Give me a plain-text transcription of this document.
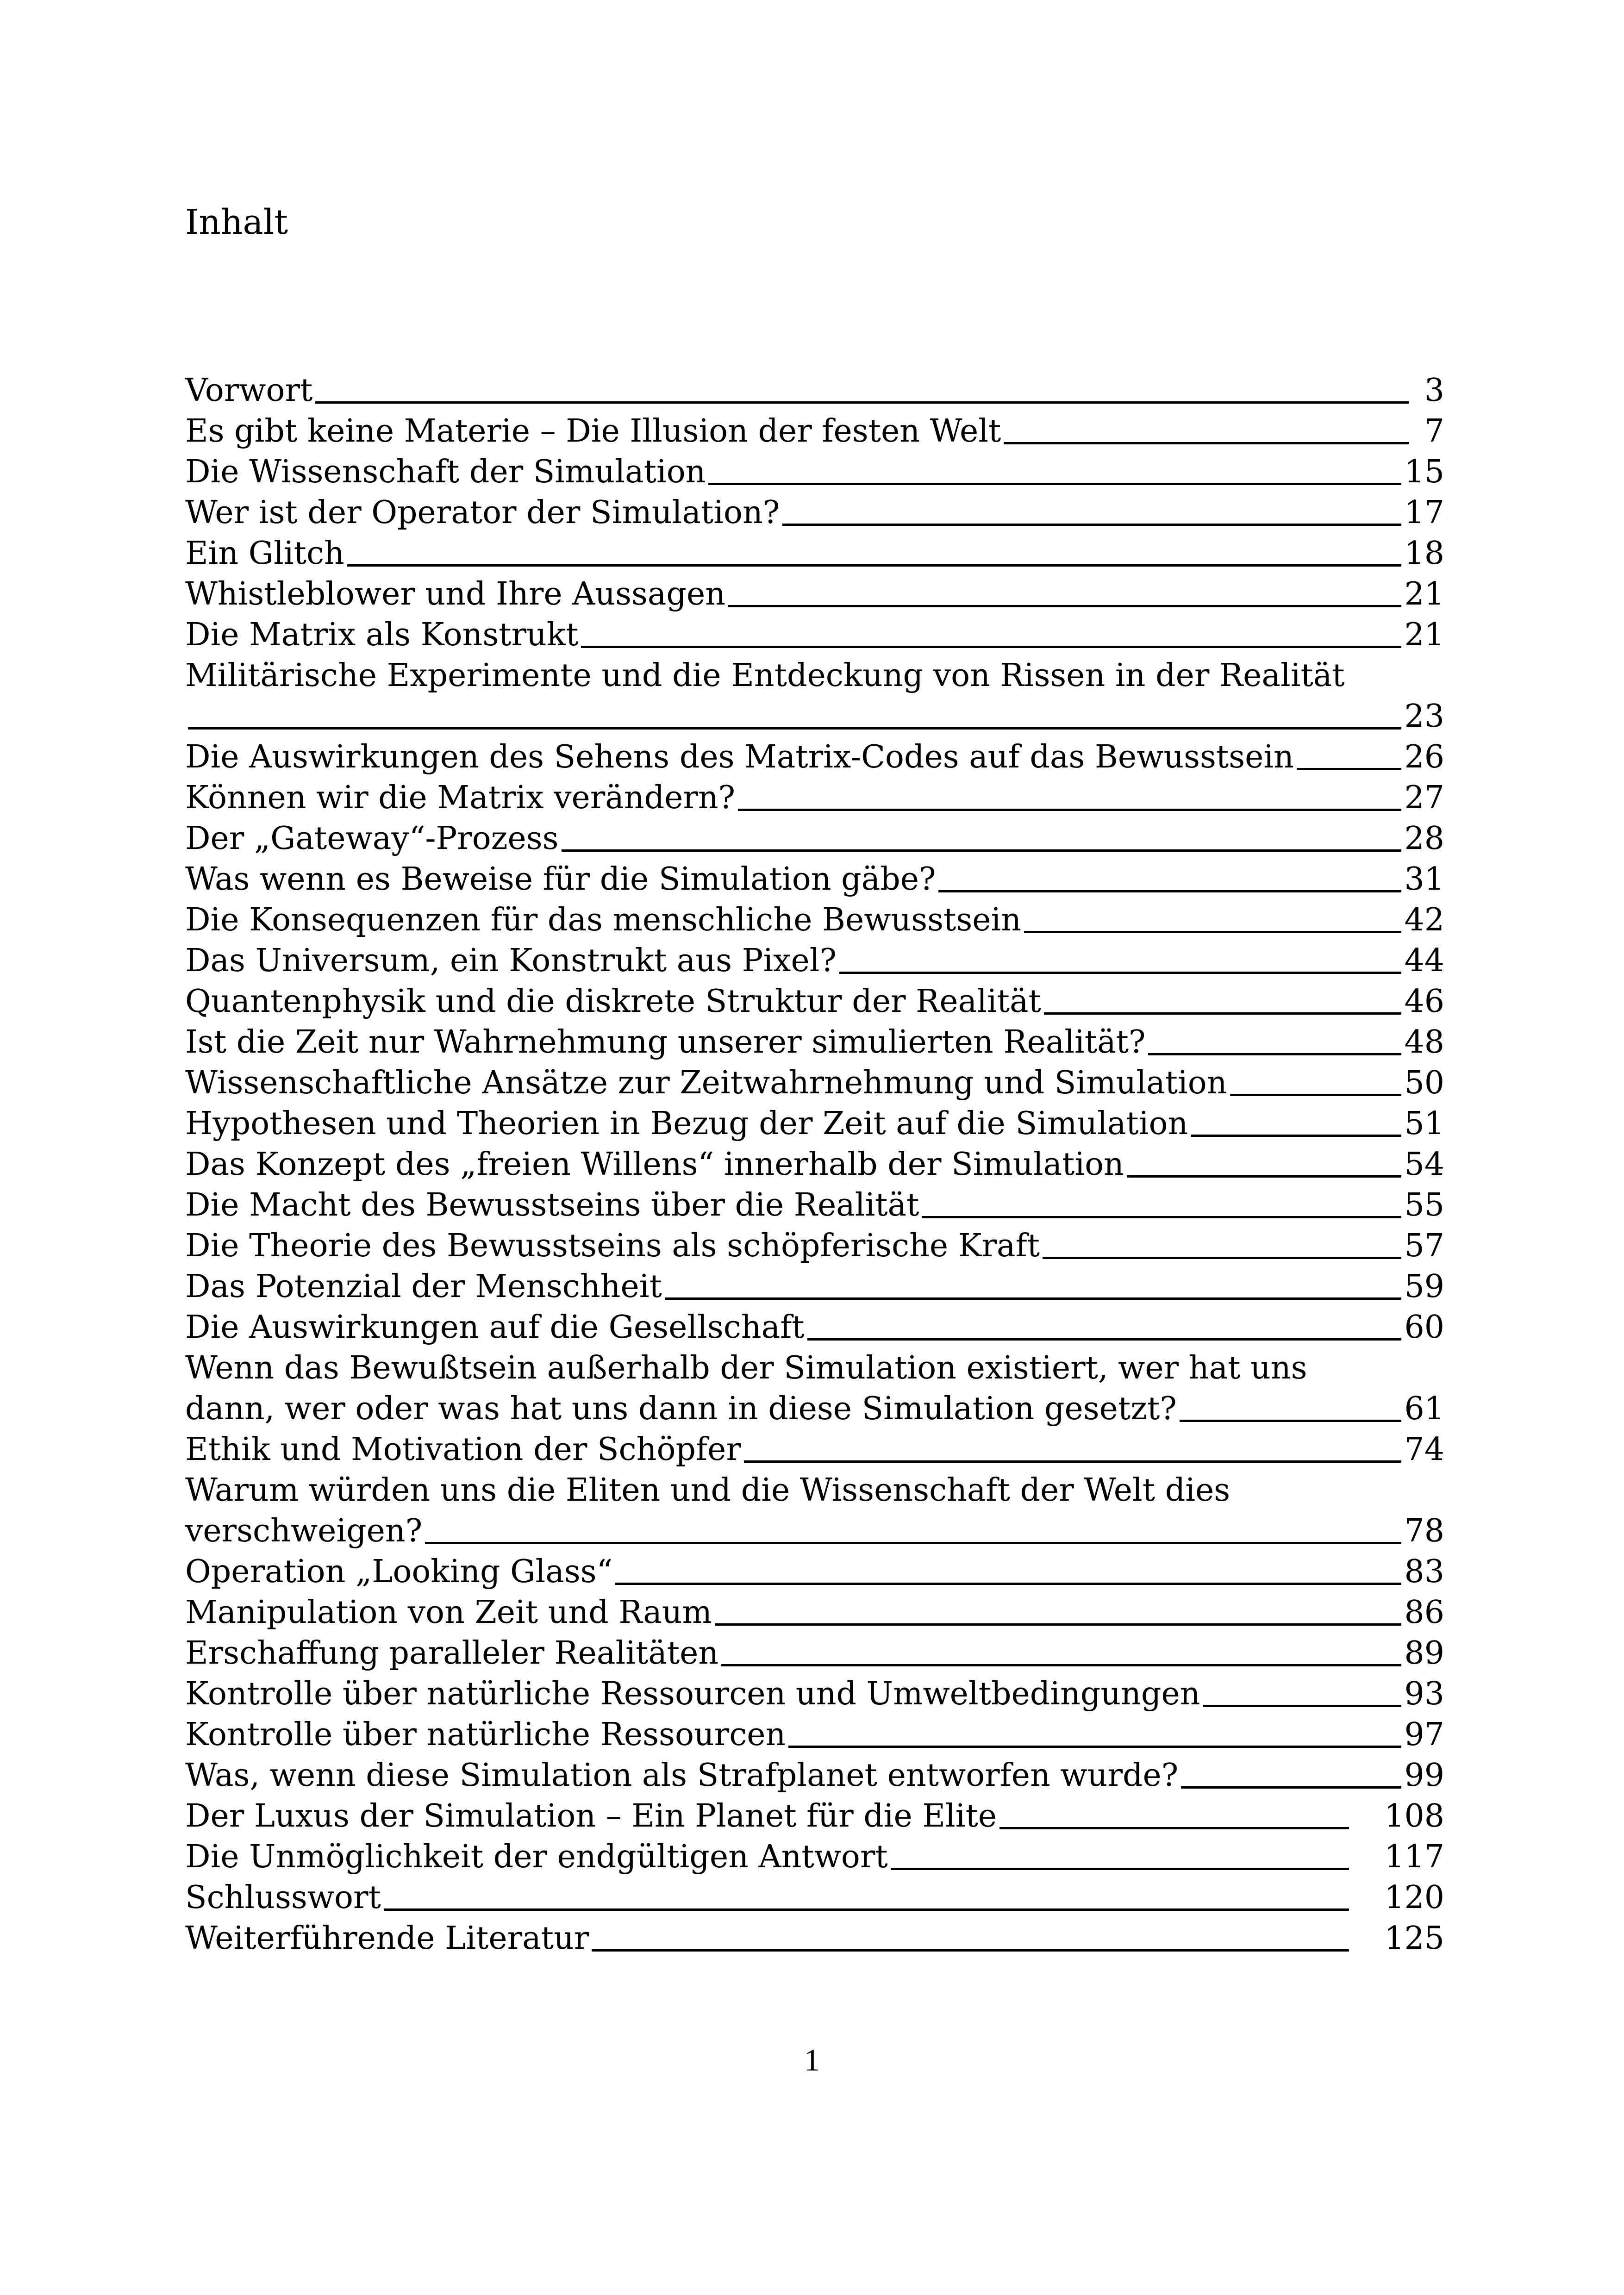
Inhalt
Vorwort	3
Es gibt keine Materie – Die Illusion der festen Welt	7
Die Wissenschaft der Simulation	15
Wer ist der Operator der Simulation?	17
Ein Glitch	18
Whistleblower und Ihre Aussagen	21
Die Matrix als Konstrukt	21
Militärische Experimente und die Entdeckung von Rissen in der Realität
23
Die Auswirkungen des Sehens des Matrix-Codes auf das Bewusstsein	26
Können wir die Matrix verändern?	27
Der „Gateway“-Prozess	28
Was wenn es Beweise für die Simulation gäbe?	31
Die Konsequenzen für das menschliche Bewusstsein	42
Das Universum, ein Konstrukt aus Pixel?	44
Quantenphysik und die diskrete Struktur der Realität	46
Ist die Zeit nur Wahrnehmung unserer simulierten Realität?	48
Wissenschaftliche Ansätze zur Zeitwahrnehmung und Simulation	50
Hypothesen und Theorien in Bezug der Zeit auf die Simulation	51
Das Konzept des „freien Willens“ innerhalb der Simulation	54
Die Macht des Bewusstseins über die Realität	55
Die Theorie des Bewusstseins als schöpferische Kraft	57
Das Potenzial der Menschheit	59
Die Auswirkungen auf die Gesellschaft	60
Wenn das Bewußtsein außerhalb der Simulation existiert, wer hat uns
dann, wer oder was hat uns dann in diese Simulation gesetzt?	61
Ethik und Motivation der Schöpfer	74
Warum würden uns die Eliten und die Wissenschaft der Welt dies
verschweigen?	78
Operation „Looking Glass“	83
Manipulation von Zeit und Raum	86
Erschaffung paralleler Realitäten	89
Kontrolle über natürliche Ressourcen und Umweltbedingungen	93
Kontrolle über natürliche Ressourcen	97
Was, wenn diese Simulation als Strafplanet entworfen wurde?	99
Der Luxus der Simulation – Ein Planet für die Elite	108
Die Unmöglichkeit der endgültigen Antwort	117
Schlusswort	120
Weiterführende Literatur	125
1
